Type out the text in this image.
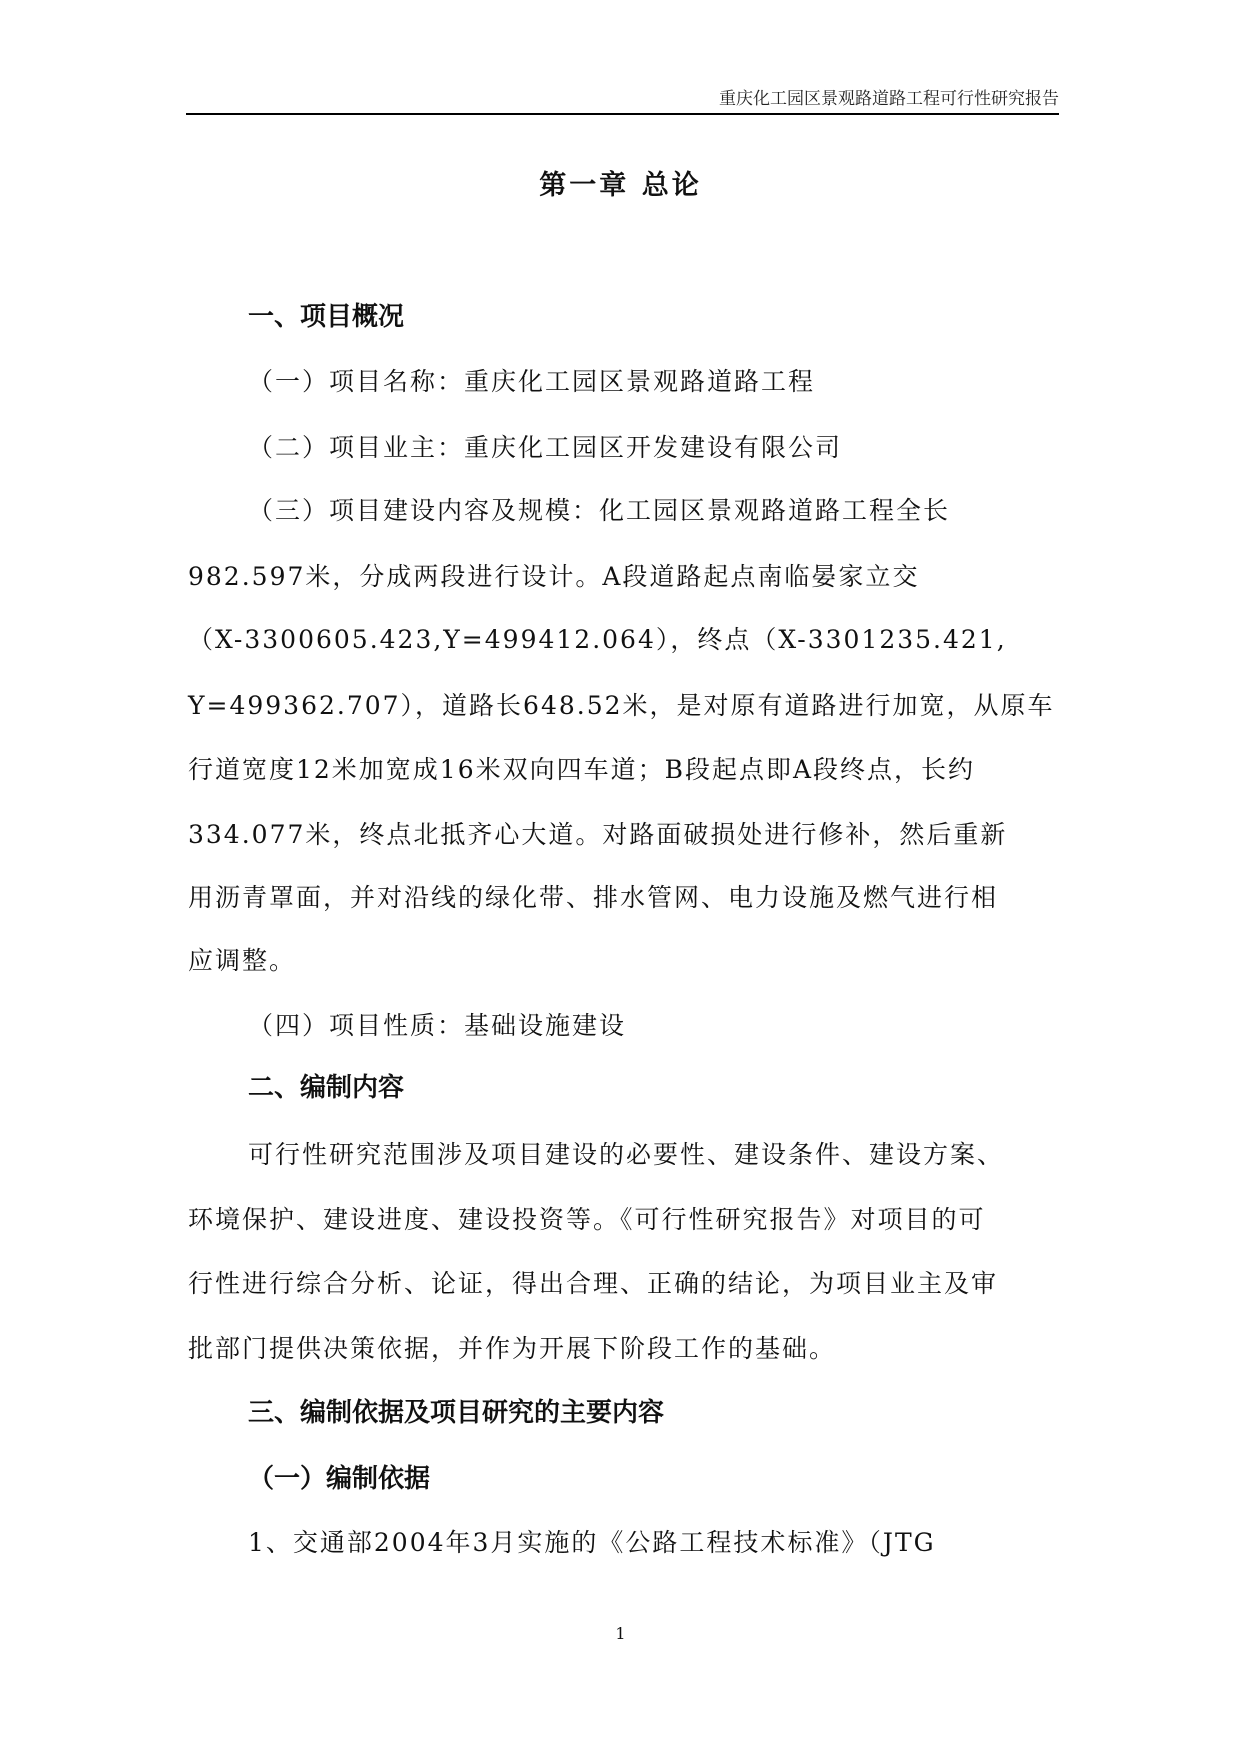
重庆化工园区景观路道路工程可行性研究报告
第一章 总论
一、项目概况
（一）项目名称：重庆化工园区景观路道路工程
（二）项目业主：重庆化工园区开发建设有限公司
（三）项目建设内容及规模：化工园区景观路道路工程全长
982.597米，分成两段进行设计。A段道路起点南临晏家立交
（X-3300605.423,Y=499412.064），终点（X-3301235.421,
Y=499362.707），道路长648.52米，是对原有道路进行加宽，从原车
行道宽度12米加宽成16米双向四车道；B段起点即A段终点，长约
334.077米，终点北抵齐心大道。对路面破损处进行修补，然后重新
用沥青罩面，并对沿线的绿化带、排水管网、电力设施及燃气进行相
应调整。
（四）项目性质：基础设施建设
二、编制内容
可行性研究范围涉及项目建设的必要性、建设条件、建设方案、
环境保护、建设进度、建设投资等。《可行性研究报告》对项目的可
行性进行综合分析、论证，得出合理、正确的结论，为项目业主及审
批部门提供决策依据，并作为开展下阶段工作的基础。
三、编制依据及项目研究的主要内容
（一）编制依据
1、交通部2004年3月实施的《公路工程技术标准》（JTG
1
